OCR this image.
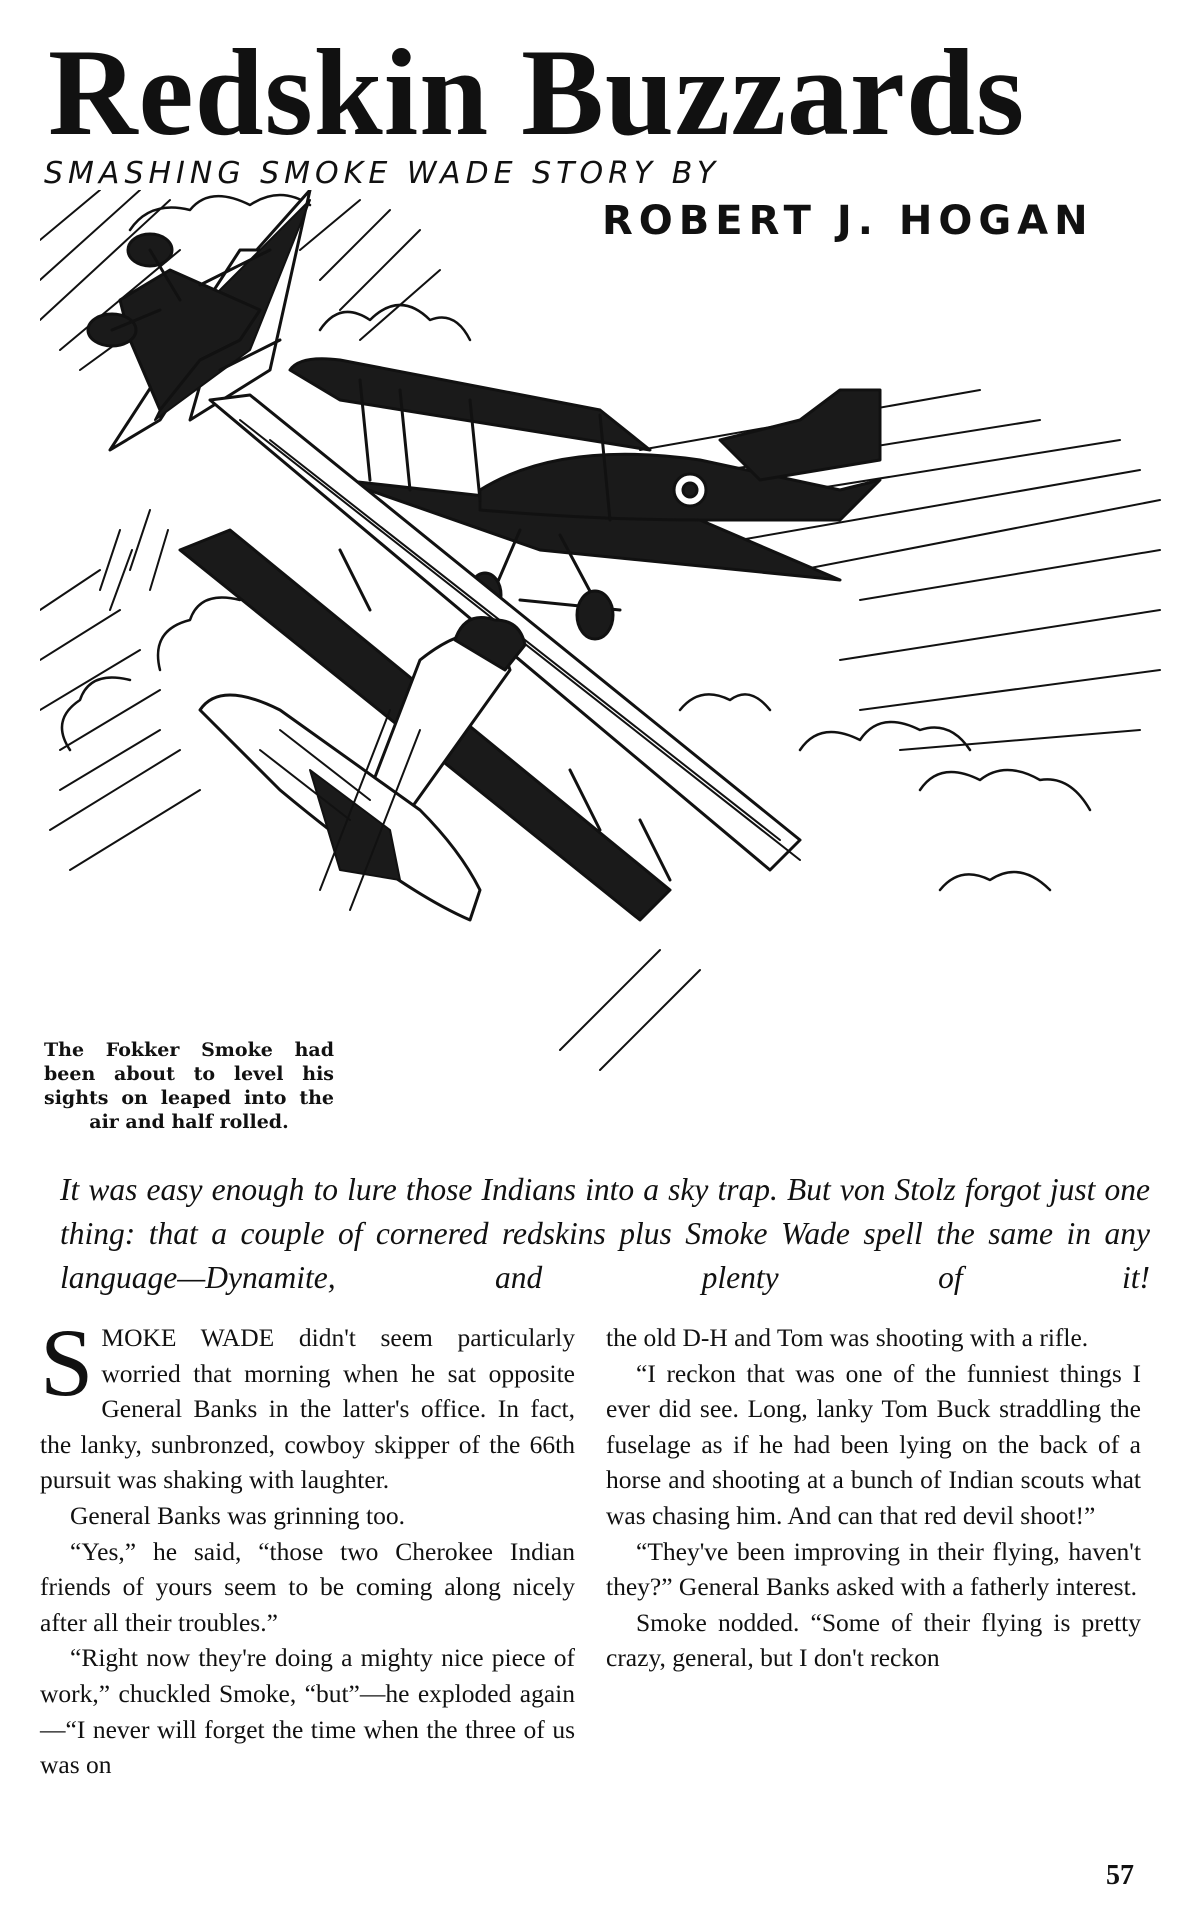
Redskin Buzzards
SMASHING SMOKE WADE STORY BY
ROBERT J. HOGAN
The Fokker Smoke had been about to level his sights on leaped into the air and half rolled.
It was easy enough to lure those Indians into a sky trap. But von Stolz forgot just one thing: that a couple of cornered redskins plus Smoke Wade spell the same in any language—Dynamite, and plenty of it!

SMOKE WADE didn't seem particularly worried that morning when he sat opposite General Banks in the latter's office. In fact, the lanky, sunbronzed, cowboy skipper of the 66th pursuit was shaking with laughter.

General Banks was grinning too.

“Yes,” he said, “those two Cherokee Indian friends of yours seem to be coming along nicely after all their troubles.”

“Right now they're doing a mighty nice piece of work,” chuckled Smoke, “but”—he exploded again—“I never will forget the time when the three of us was on

the old D-H and Tom was shooting with a rifle.

“I reckon that was one of the funniest things I ever did see. Long, lanky Tom Buck straddling the fuselage as if he had been lying on the back of a horse and shooting at a bunch of Indian scouts what was chasing him. And can that red devil shoot!”

“They've been improving in their flying, haven't they?” General Banks asked with a fatherly interest.

Smoke nodded. “Some of their flying is pretty crazy, general, but I don't reckon

57
